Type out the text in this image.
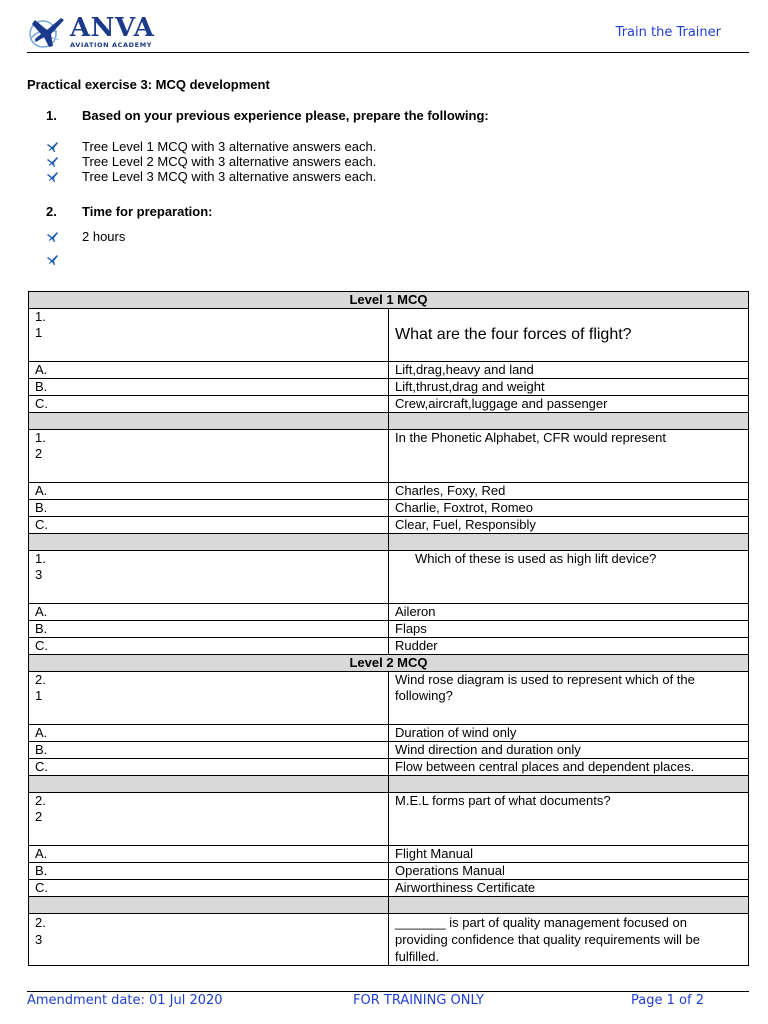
ANVA
AVIATION ACADEMY
Train the Trainer
Practical exercise 3: MCQ development
1. Based on your previous experience please, prepare the following:
Tree Level 1 MCQ with 3 alternative answers each.
Tree Level 2 MCQ with 3 alternative answers each.
Tree Level 3 MCQ with 3 alternative answers each.
2. Time for preparation:
2 hours
Level 1 MCQ	
1.
1	What are the four forces of flight?
A.	Lift,drag,heavy and land
B.	Lift,thrust,drag and weight
C.	Crew,aircraft,luggage and passenger

1.
2	In the Phonetic Alphabet, CFR would represent
A.	Charles, Foxy, Red
B.	Charlie, Foxtrot, Romeo
C.	Clear, Fuel, Responsibly

1.
3	Which of these is used as high lift device?
A.	Aileron
B.	Flaps
C.	Rudder
Level 2 MCQ	
2.
1	Wind rose diagram is used to represent which of the following?
A.	Duration of wind only
B.	Wind direction and duration only
C.	Flow between central places and dependent places.

2.
2	M.E.L forms part of what documents?
A.	Flight Manual
B.	Operations Manual
C.	Airworthiness Certificate

2.
3	_______ is part of quality management focused on providing confidence that quality requirements will be fulfilled.
Amendment date: 01 Jul 2020	FOR TRAINING ONLY	Page 1 of 2
